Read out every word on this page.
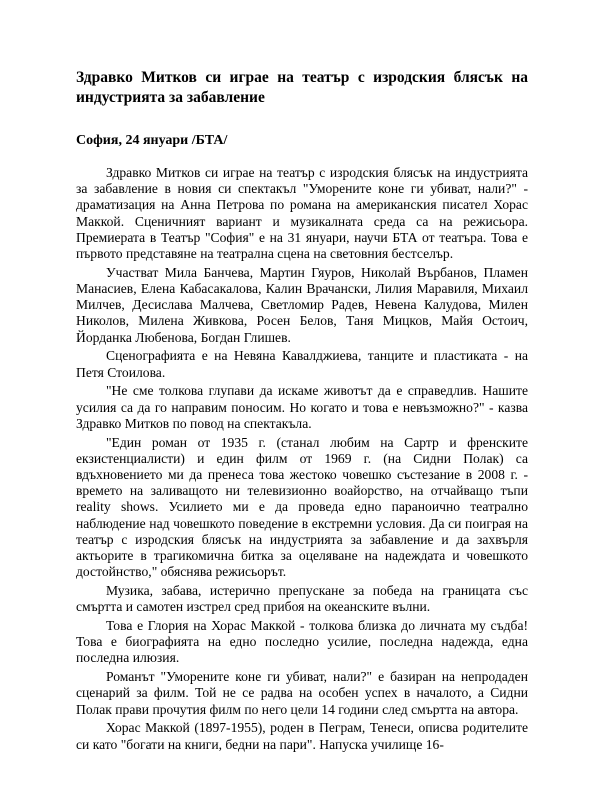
Здравко Митков си играе на театър с изродския блясък на индустрията за забавление
София, 24 януари /БТА/

Здравко Митков си играе на театър с изродския блясък на индустрията за забавление в новия си спектакъл "Уморените коне ги убиват, нали?" - драматизация на Анна Петрова по романа на американския писател Хорас Маккой. Сценичният вариант и музикалната среда са на режисьора. Премиерата в Театър "София" е на 31 януари, научи БТА от театъра. Това е първото представяне на театрална сцена на световния бестселър.

Участват Мила Банчева, Мартин Гяуров, Николай Върбанов, Пламен Манасиев, Елена Кабасакалова, Калин Врачански, Лилия Маравиля, Михаил Милчев, Десислава Малчева, Светломир Радев, Невена Калудова, Милен Николов, Милена Живкова, Росен Белов, Таня Мицков, Майя Остоич, Йорданка Любенова, Богдан Глишев.

Сценографията е на Невяна Кавалджиева, танците и пластиката - на Петя Стоилова.

"Не сме толкова глупави да искаме животът да е справедлив. Нашите усилия са да го направим поносим. Но когато и това е невъзможно?" - казва Здравко Митков по повод на спектакъла.

"Един роман от 1935 г. (станал любим на Сартр и френските екзистенциалисти) и един филм от 1969 г. (на Сидни Полак) са вдъхновението ми да пренеса това жестоко човешко състезание в 2008 г. - времето на заливащото ни телевизионно воайорство, на отчайващо тъпи reality shows. Усилието ми е да проведа едно параноично театрално наблюдение над човешкото поведение в екстремни условия. Да си поиграя на театър с изродския блясък на индустрията за забавление и да захвърля актьорите в трагикомична битка за оцеляване на надеждата и човешкото достойнство," обяснява режисьорът.

Музика, забава, истерично препускане за победа на границата със смъртта и самотен изстрел сред прибоя на океанските вълни.

Това е Глория на Хорас Маккой - толкова близка до личната му съдба! Това е биографията на едно последно усилие, последна надежда, една последна илюзия.

Романът "Уморените коне ги убиват, нали?" е базиран на непродаден сценарий за филм. Той не се радва на особен успех в началото, а Сидни Полак прави прочутия филм по него цели 14 години след смъртта на автора.

Хорас Маккой (1897-1955), роден в Пеграм, Тенеси, описва родителите си като "богати на книги, бедни на пари". Напуска училище 16-
